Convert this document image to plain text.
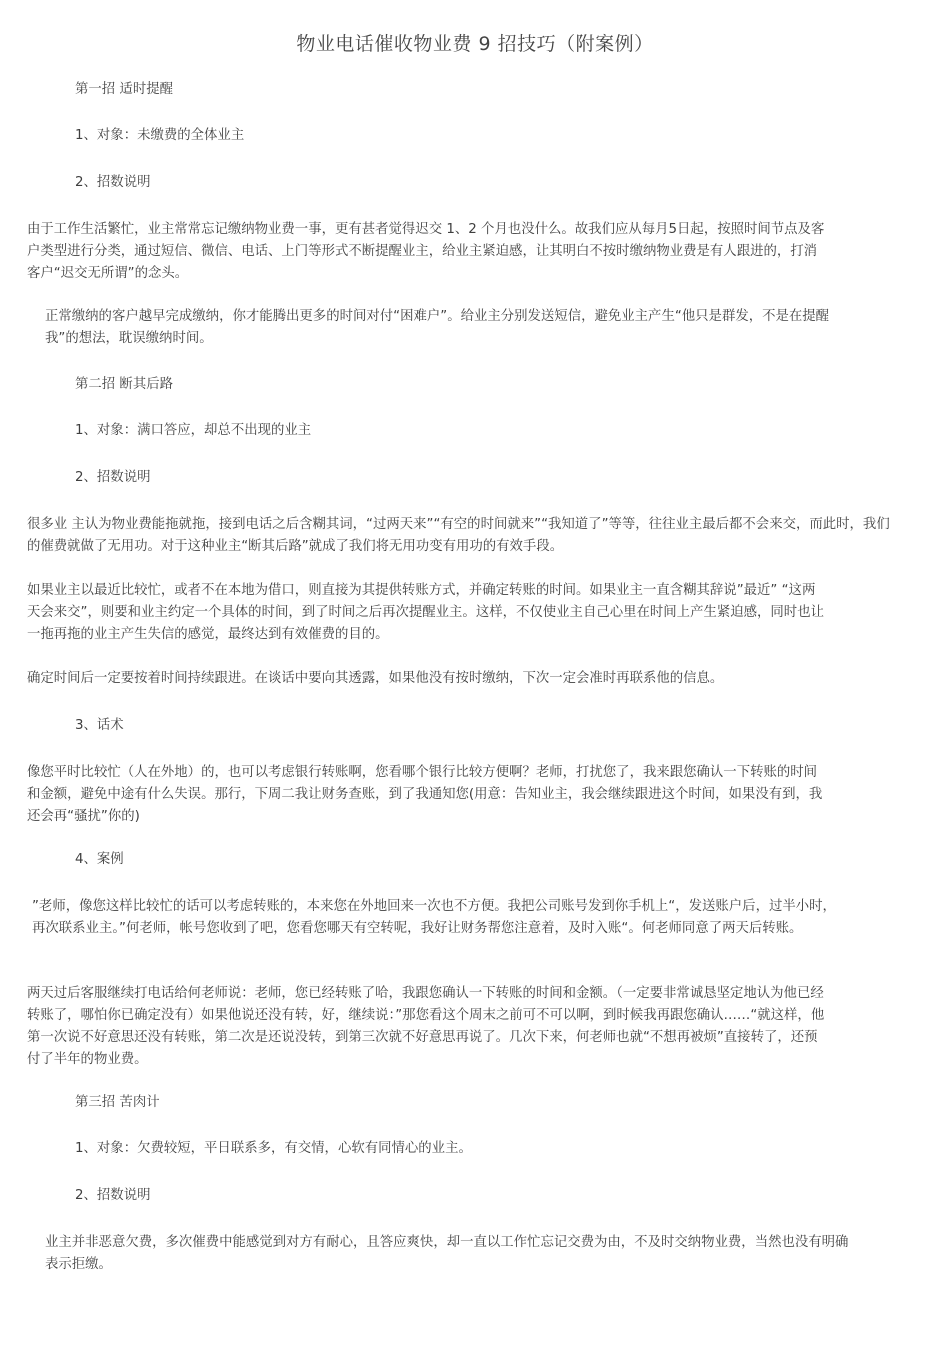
物业电话催收物业费 9 招技巧（附案例）

第一招 适时提醒

1、对象：未缴费的全体业主

2、招数说明

由于工作生活繁忙，业主常常忘记缴纳物业费一事，更有甚者觉得迟交 1、2 个月也没什么。故我们应从每月5日起，按照时间节点及客户类型进行分类，通过短信、微信、电话、上门等形式不断提醒业主，给业主紧迫感，让其明白不按时缴纳物业费是有人跟进的，打消客户“迟交无所谓”的念头。

正常缴纳的客户越早完成缴纳，你才能腾出更多的时间对付“困难户”。给业主分别发送短信，避免业主产生“他只是群发，不是在提醒我”的想法，耽误缴纳时间。

第二招 断其后路

1、对象：满口答应，却总不出现的业主

2、招数说明

很多业 主认为物业费能拖就拖，接到电话之后含糊其词，“过两天来”“有空的时间就来”“我知道了”等等，往往业主最后都不会来交，而此时，我们的催费就做了无用功。对于这种业主“断其后路”就成了我们将无用功变有用功的有效手段。

如果业主以最近比较忙，或者不在本地为借口，则直接为其提供转账方式，并确定转账的时间。如果业主一直含糊其辞说”最近” “这两天会来交”，则要和业主约定一个具体的时间，到了时间之后再次提醒业主。这样，不仅使业主自己心里在时间上产生紧迫感，同时也让一拖再拖的业主产生失信的感觉，最终达到有效催费的目的。

确定时间后一定要按着时间持续跟进。在谈话中要向其透露，如果他没有按时缴纳，下次一定会准时再联系他的信息。

3、话术

像您平时比较忙（人在外地）的，也可以考虑银行转账啊，您看哪个银行比较方便啊？老师，打扰您了，我来跟您确认一下转账的时间和金额，避免中途有什么失误。那行，下周二我让财务查账，到了我通知您(用意：告知业主，我会继续跟进这个时间，如果没有到，我还会再“骚扰”你的)

4、案例

”老师，像您这样比较忙的话可以考虑转账的，本来您在外地回来一次也不方便。我把公司账号发到你手机上“，发送账户后，过半小时，再次联系业主。”何老师，帐号您收到了吧，您看您哪天有空转呢，我好让财务帮您注意着，及时入账“。何老师同意了两天后转账。

两天过后客服继续打电话给何老师说：老师，您已经转账了哈，我跟您确认一下转账的时间和金额。（一定要非常诚恳坚定地认为他已经转账了，哪怕你已确定没有）如果他说还没有转，好，继续说：”那您看这个周末之前可不可以啊，到时候我再跟您确认……“就这样，他第一次说不好意思还没有转账，第二次是还说没转，到第三次就不好意思再说了。几次下来，何老师也就“不想再被烦”直接转了，还预付了半年的物业费。

第三招 苦肉计

1、对象：欠费较短，平日联系多，有交情，心软有同情心的业主。

2、招数说明

业主并非恶意欠费，多次催费中能感觉到对方有耐心，且答应爽快，却一直以工作忙忘记交费为由，不及时交纳物业费，当然也没有明确表示拒缴。
